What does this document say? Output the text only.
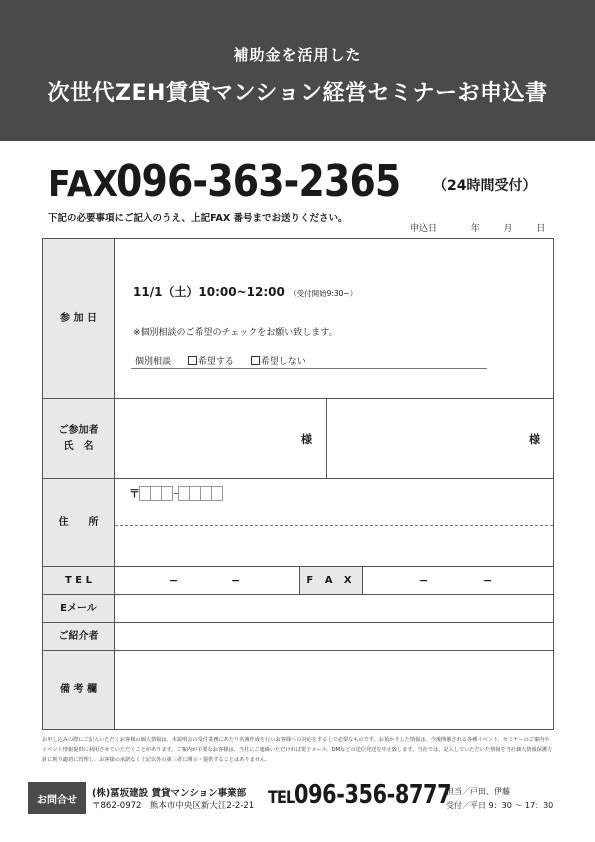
補助金を活用した
次世代ZEH賃貸マンション経営セミナーお申込書
FAX096-363-2365	（24時間受付）
下記の必要事項にご記入のうえ、上記FAX 番号までお送りください。
申込日	年	月	日
参 加 日
11/1（土）10:00~12:00 （受付開始9:30~）
※個別相談のご希望のチェックをお願い致します。
個別相談	希望する	希望しない
ご参加者
氏　名	様	様
住　　所
〒
T E L	−	−	F A X	−	−
Eメール
ご紹介者
備 考 欄
お申し込みの際にご記入いただくお客様の個人情報は、本説明会の受付業務にあたり名簿作成を行いお客様への対応をする上で必要なものです。お預かりした情報は、今後開催される各種イベント、セミナーのご案内やイベント情報提供に利用させていただくことがあります。ご案内が不要なお客様は、当社にご連絡いただければ電子メール、DMなどの送信発送を中止致します。当社では、記入していただいた情報を当社個人情報保護方針に則り適切に管理し、お客様の承諾なく上記以外の第三者に開示・提供することはありません。
お問合せ
(株)冨坂建設 賃貸マンション事業部
〒862-0972　熊本市中央区新大江2-2-21 TEL096-356-8777
担当／戸田、伊藤
受付／平日 9：30 〜 17：30
